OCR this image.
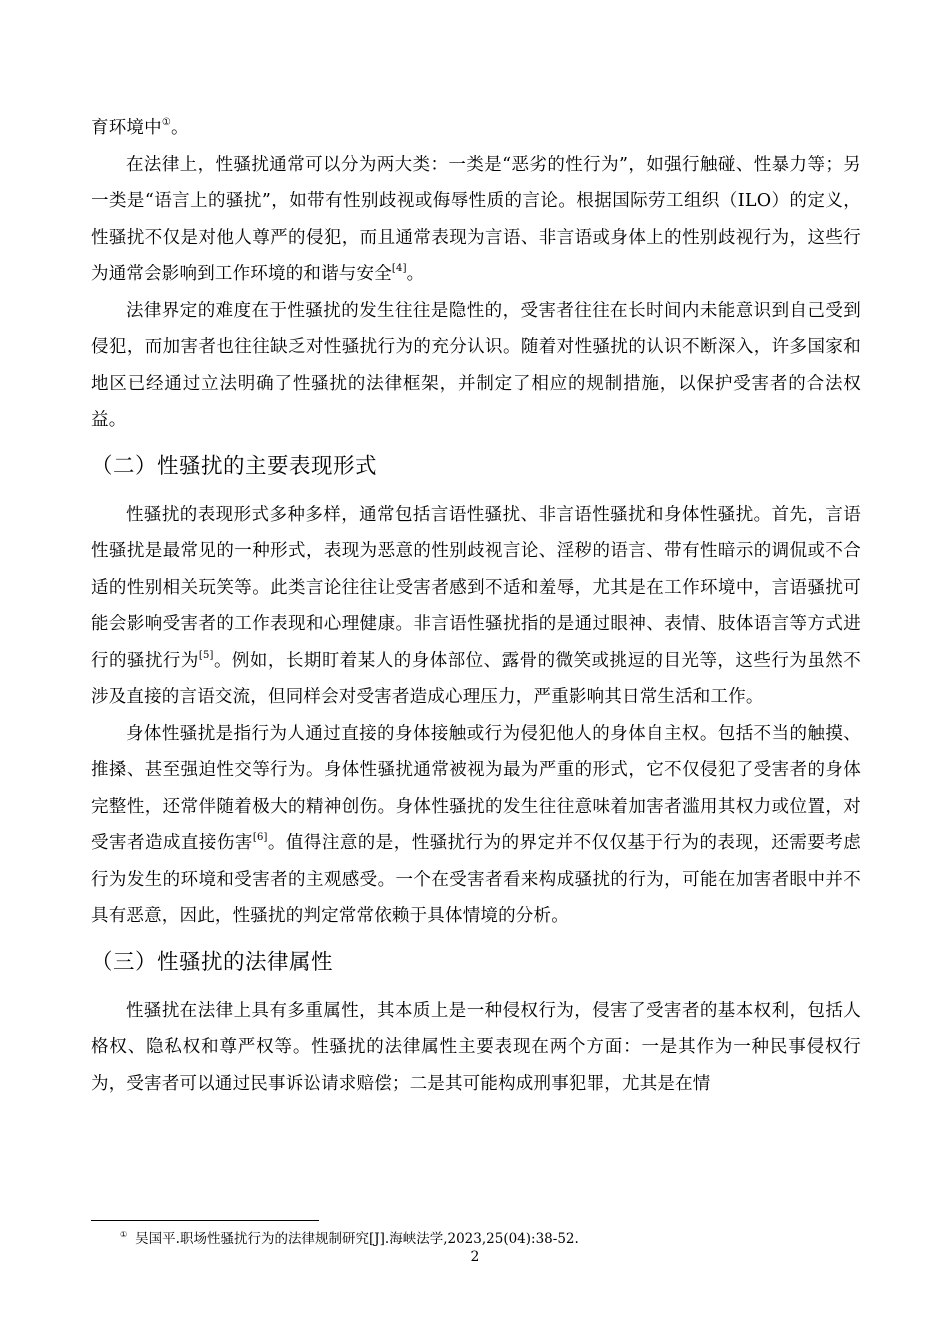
育环境中①。

在法律上，性骚扰通常可以分为两大类：一类是“恶劣的性行为”，如强行触碰、性暴力等；另一类是“语言上的骚扰”，如带有性别歧视或侮辱性质的言论。根据国际劳工组织（ILO）的定义，性骚扰不仅是对他人尊严的侵犯，而且通常表现为言语、非言语或身体上的性别歧视行为，这些行为通常会影响到工作环境的和谐与安全[4]。

法律界定的难度在于性骚扰的发生往往是隐性的，受害者往往在长时间内未能意识到自己受到侵犯，而加害者也往往缺乏对性骚扰行为的充分认识。随着对性骚扰的认识不断深入，许多国家和地区已经通过立法明确了性骚扰的法律框架，并制定了相应的规制措施，以保护受害者的合法权益。

（二）性骚扰的主要表现形式

性骚扰的表现形式多种多样，通常包括言语性骚扰、非言语性骚扰和身体性骚扰。首先，言语性骚扰是最常见的一种形式，表现为恶意的性别歧视言论、淫秽的语言、带有性暗示的调侃或不合适的性别相关玩笑等。此类言论往往让受害者感到不适和羞辱，尤其是在工作环境中，言语骚扰可能会影响受害者的工作表现和心理健康。非言语性骚扰指的是通过眼神、表情、肢体语言等方式进行的骚扰行为[5]。例如，长期盯着某人的身体部位、露骨的微笑或挑逗的目光等，这些行为虽然不涉及直接的言语交流，但同样会对受害者造成心理压力，严重影响其日常生活和工作。

身体性骚扰是指行为人通过直接的身体接触或行为侵犯他人的身体自主权。包括不当的触摸、推搡、甚至强迫性交等行为。身体性骚扰通常被视为最为严重的形式，它不仅侵犯了受害者的身体完整性，还常伴随着极大的精神创伤。身体性骚扰的发生往往意味着加害者滥用其权力或位置，对受害者造成直接伤害[6]。值得注意的是，性骚扰行为的界定并不仅仅基于行为的表现，还需要考虑行为发生的环境和受害者的主观感受。一个在受害者看来构成骚扰的行为，可能在加害者眼中并不具有恶意，因此，性骚扰的判定常常依赖于具体情境的分析。

（三）性骚扰的法律属性

性骚扰在法律上具有多重属性，其本质上是一种侵权行为，侵害了受害者的基本权利，包括人格权、隐私权和尊严权等。性骚扰的法律属性主要表现在两个方面：一是其作为一种民事侵权行为，受害者可以通过民事诉讼请求赔偿；二是其可能构成刑事犯罪，尤其是在情

① 吴国平.职场性骚扰行为的法律规制研究[J].海峡法学,2023,25(04):38-52.
2
